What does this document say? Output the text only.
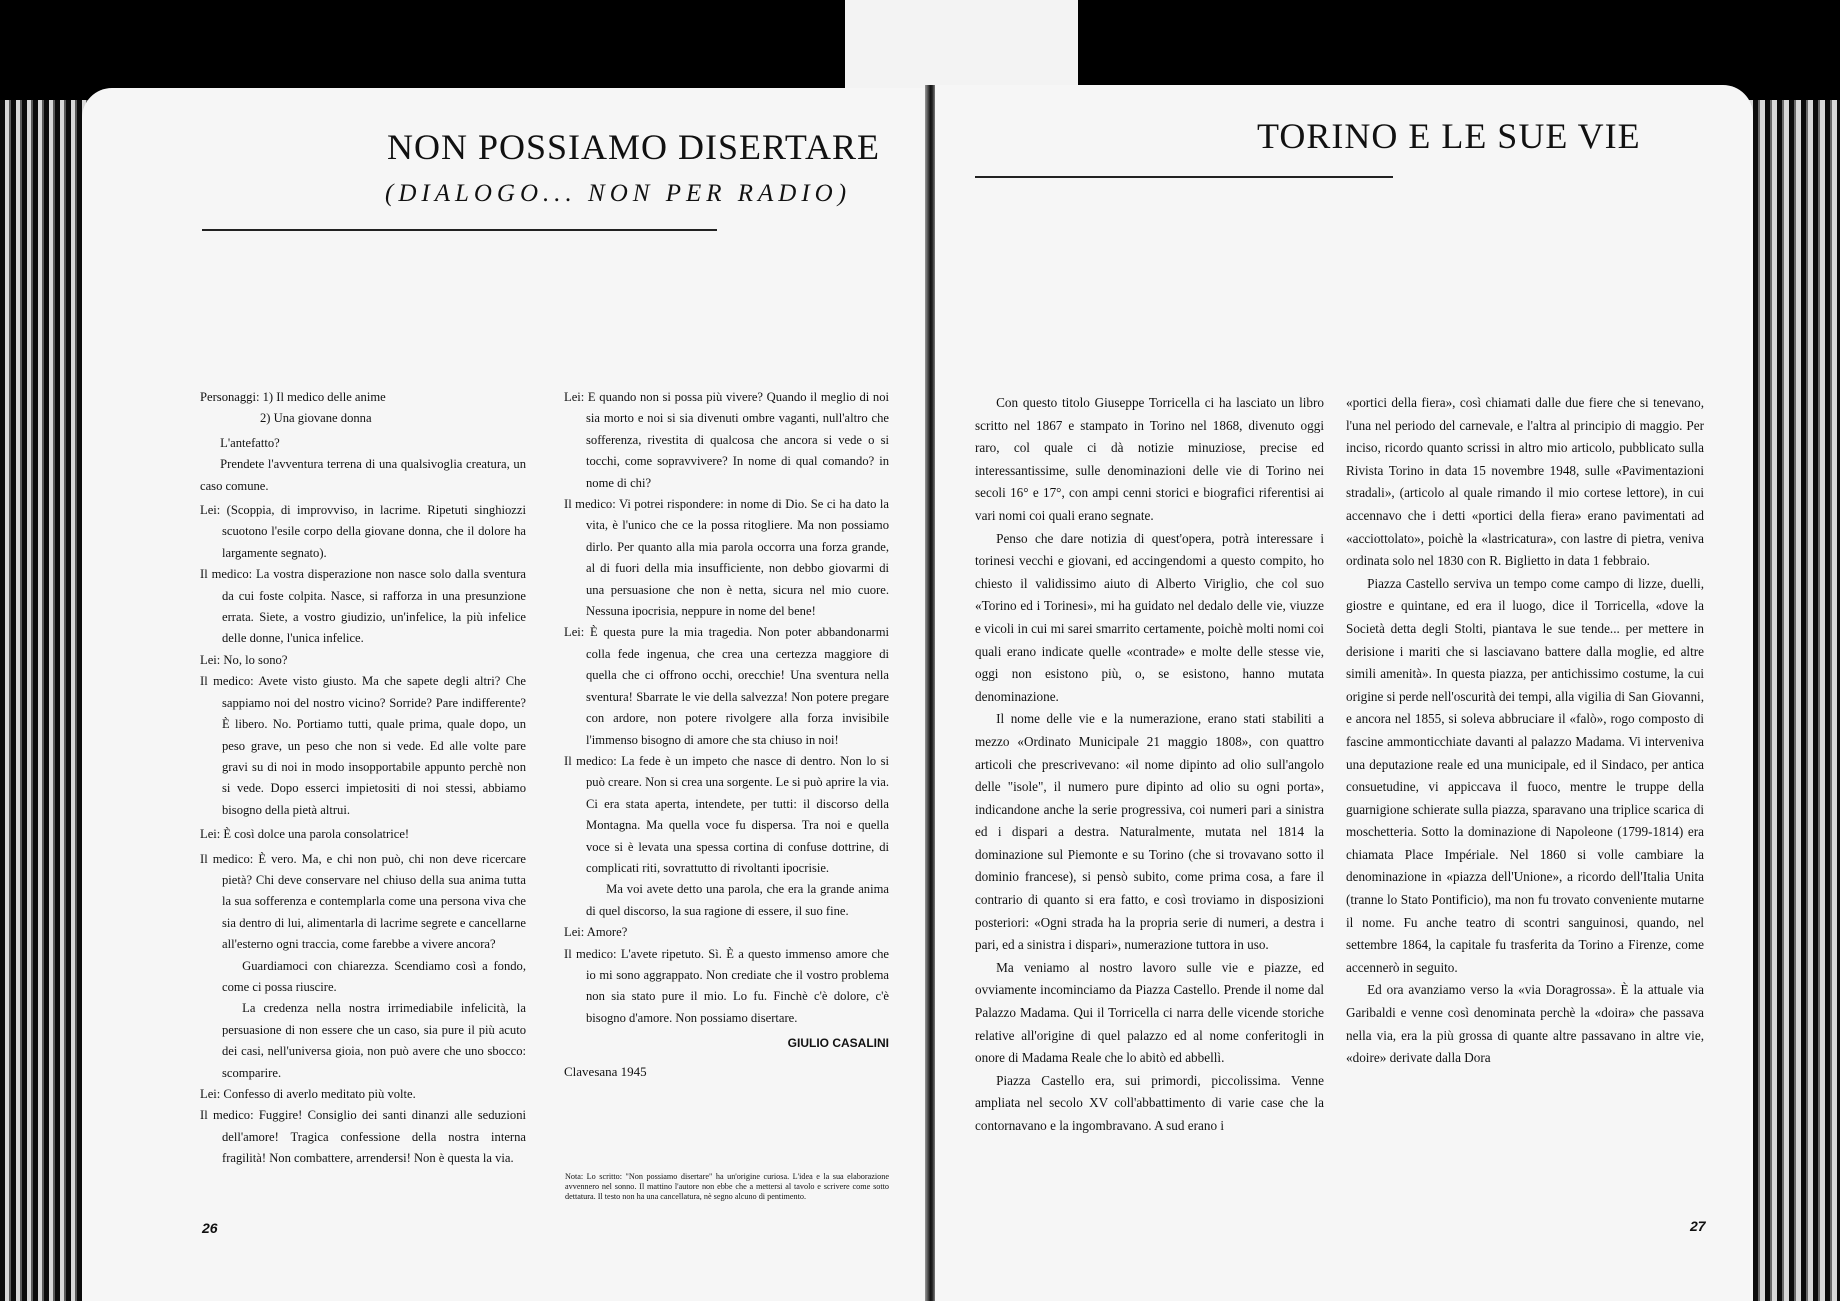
NON POSSIAMO DISERTARE
(DIALOGO... NON PER RADIO)

Personaggi: 1) Il medico delle anime

2) Una giovane donna

L'antefatto?

Prendete l'avventura terrena di una qualsivoglia creatura, un caso comune.

Lei: (Scoppia, di improvviso, in lacrime. Ripetuti singhiozzi scuotono l'esile corpo della giovane donna, che il dolore ha largamente segnato).

Il medico: La vostra disperazione non nasce solo dalla sventura da cui foste colpita. Nasce, si rafforza in una presunzione errata. Siete, a vostro giudizio, un'infelice, la più infelice delle donne, l'unica infelice.

Lei: No, lo sono?

Il medico: Avete visto giusto. Ma che sapete degli altri? Che sappiamo noi del nostro vicino? Sorride? Pare indifferente? È libero. No. Portiamo tutti, quale prima, quale dopo, un peso grave, un peso che non si vede. Ed alle volte pare gravi su di noi in modo insopportabile appunto perchè non si vede. Dopo esserci impietositi di noi stessi, abbiamo bisogno della pietà altrui.

Lei: È così dolce una parola consolatrice!

Il medico: È vero. Ma, e chi non può, chi non deve ricercare pietà? Chi deve conservare nel chiuso della sua anima tutta la sua sofferenza e contemplarla come una persona viva che sia dentro di lui, alimentarla di lacrime segrete e cancellarne all'esterno ogni traccia, come farebbe a vivere ancora?

Guardiamoci con chiarezza. Scendiamo così a fondo, come ci possa riuscire.

La credenza nella nostra irrimediabile infelicità, la persuasione di non essere che un caso, sia pure il più acuto dei casi, nell'universa gioia, non può avere che uno sbocco: scomparire.

Lei: Confesso di averlo meditato più volte.

Il medico: Fuggire! Consiglio dei santi dinanzi alle seduzioni dell'amore! Tragica confessione della nostra interna fragilità! Non combattere, arrendersi! Non è questa la via.

Lei: E quando non si possa più vivere? Quando il meglio di noi sia morto e noi si sia divenuti ombre vaganti, null'altro che sofferenza, rivestita di qualcosa che ancora si vede o si tocchi, come sopravvivere? In nome di qual comando? in nome di chi?

Il medico: Vi potrei rispondere: in nome di Dio. Se ci ha dato la vita, è l'unico che ce la possa ritogliere. Ma non possiamo dirlo. Per quanto alla mia parola occorra una forza grande, al di fuori della mia insufficiente, non debbo giovarmi di una persuasione che non è netta, sicura nel mio cuore. Nessuna ipocrisia, neppure in nome del bene!

Lei: È questa pure la mia tragedia. Non poter abbandonarmi colla fede ingenua, che crea una certezza maggiore di quella che ci offrono occhi, orecchie! Una sventura nella sventura! Sbarrate le vie della salvezza! Non potere pregare con ardore, non potere rivolgere alla forza invisibile l'immenso bisogno di amore che sta chiuso in noi!

Il medico: La fede è un impeto che nasce di dentro. Non lo si può creare. Non si crea una sorgente. Le si può aprire la via. Ci era stata aperta, intendete, per tutti: il discorso della Montagna. Ma quella voce fu dispersa. Tra noi e quella voce si è levata una spessa cortina di confuse dottrine, di complicati riti, sovrattutto di rivoltanti ipocrisie.

Ma voi avete detto una parola, che era la grande anima di quel discorso, la sua ragione di essere, il suo fine.

Lei: Amore?

Il medico: L'avete ripetuto. Sì. È a questo immenso amore che io mi sono aggrappato. Non crediate che il vostro problema non sia stato pure il mio. Lo fu. Finchè c'è dolore, c'è bisogno d'amore. Non possiamo disertare.

GIULIO CASALINI
Clavesana 1945
Nota: Lo scritto: "Non possiamo disertare" ha un'origine curiosa. L'idea e la sua elaborazione avvennero nel sonno. Il mattino l'autore non ebbe che a mettersi al tavolo e scrivere come sotto dettatura. Il testo non ha una cancellatura, nè segno alcuno di pentimento.
26
TORINO E LE SUE VIE

Con questo titolo Giuseppe Torricella ci ha lasciato un libro scritto nel 1867 e stampato in Torino nel 1868, divenuto oggi raro, col quale ci dà notizie minuziose, precise ed interessantissime, sulle denominazioni delle vie di Torino nei secoli 16° e 17°, con ampi cenni storici e biografici riferentisi ai vari nomi coi quali erano segnate.

Penso che dare notizia di quest'opera, potrà interessare i torinesi vecchi e giovani, ed accingendomi a questo compito, ho chiesto il validissimo aiuto di Alberto Viriglio, che col suo «Torino ed i Torinesi», mi ha guidato nel dedalo delle vie, viuzze e vicoli in cui mi sarei smarrito certamente, poichè molti nomi coi quali erano indicate quelle «contrade» e molte delle stesse vie, oggi non esistono più, o, se esistono, hanno mutata denominazione.

Il nome delle vie e la numerazione, erano stati stabiliti a mezzo «Ordinato Municipale 21 maggio 1808», con quattro articoli che prescrivevano: «il nome dipinto ad olio sull'angolo delle "isole", il numero pure dipinto ad olio su ogni porta», indicandone anche la serie progressiva, coi numeri pari a sinistra ed i dispari a destra. Naturalmente, mutata nel 1814 la dominazione sul Piemonte e su Torino (che si trovavano sotto il dominio francese), si pensò subito, come prima cosa, a fare il contrario di quanto si era fatto, e così troviamo in disposizioni posteriori: «Ogni strada ha la propria serie di numeri, a destra i pari, ed a sinistra i dispari», numerazione tuttora in uso.

Ma veniamo al nostro lavoro sulle vie e piazze, ed ovviamente incominciamo da Piazza Castello. Prende il nome dal Palazzo Madama. Qui il Torricella ci narra delle vicende storiche relative all'origine di quel palazzo ed al nome conferitogli in onore di Madama Reale che lo abitò ed abbellì.

Piazza Castello era, sui primordi, piccolissima. Venne ampliata nel secolo XV coll'abbattimento di varie case che la contornavano e la ingombravano. A sud erano i

«portici della fiera», così chiamati dalle due fiere che si tenevano, l'una nel periodo del carnevale, e l'altra al principio di maggio. Per inciso, ricordo quanto scrissi in altro mio articolo, pubblicato sulla Rivista Torino in data 15 novembre 1948, sulle «Pavimentazioni stradali», (articolo al quale rimando il mio cortese lettore), in cui accennavo che i detti «portici della fiera» erano pavimentati ad «acciottolato», poichè la «lastricatura», con lastre di pietra, veniva ordinata solo nel 1830 con R. Biglietto in data 1 febbraio.

Piazza Castello serviva un tempo come campo di lizze, duelli, giostre e quintane, ed era il luogo, dice il Torricella, «dove la Società detta degli Stolti, piantava le sue tende... per mettere in derisione i mariti che si lasciavano battere dalla moglie, ed altre simili amenità». In questa piazza, per antichissimo costume, la cui origine si perde nell'oscurità dei tempi, alla vigilia di San Giovanni, e ancora nel 1855, si soleva abbruciare il «falò», rogo composto di fascine ammonticchiate davanti al palazzo Madama. Vi interveniva una deputazione reale ed una municipale, ed il Sindaco, per antica consuetudine, vi appiccava il fuoco, mentre le truppe della guarnigione schierate sulla piazza, sparavano una triplice scarica di moschetteria. Sotto la dominazione di Napoleone (1799-1814) era chiamata Place Impériale. Nel 1860 si volle cambiare la denominazione in «piazza dell'Unione», a ricordo dell'Italia Unita (tranne lo Stato Pontificio), ma non fu trovato conveniente mutarne il nome. Fu anche teatro di scontri sanguinosi, quando, nel settembre 1864, la capitale fu trasferita da Torino a Firenze, come accennerò in seguito.

Ed ora avanziamo verso la «via Doragrossa». È la attuale via Garibaldi e venne così denominata perchè la «doira» che passava nella via, era la più grossa di quante altre passavano in altre vie, «doire» derivate dalla Dora

27
